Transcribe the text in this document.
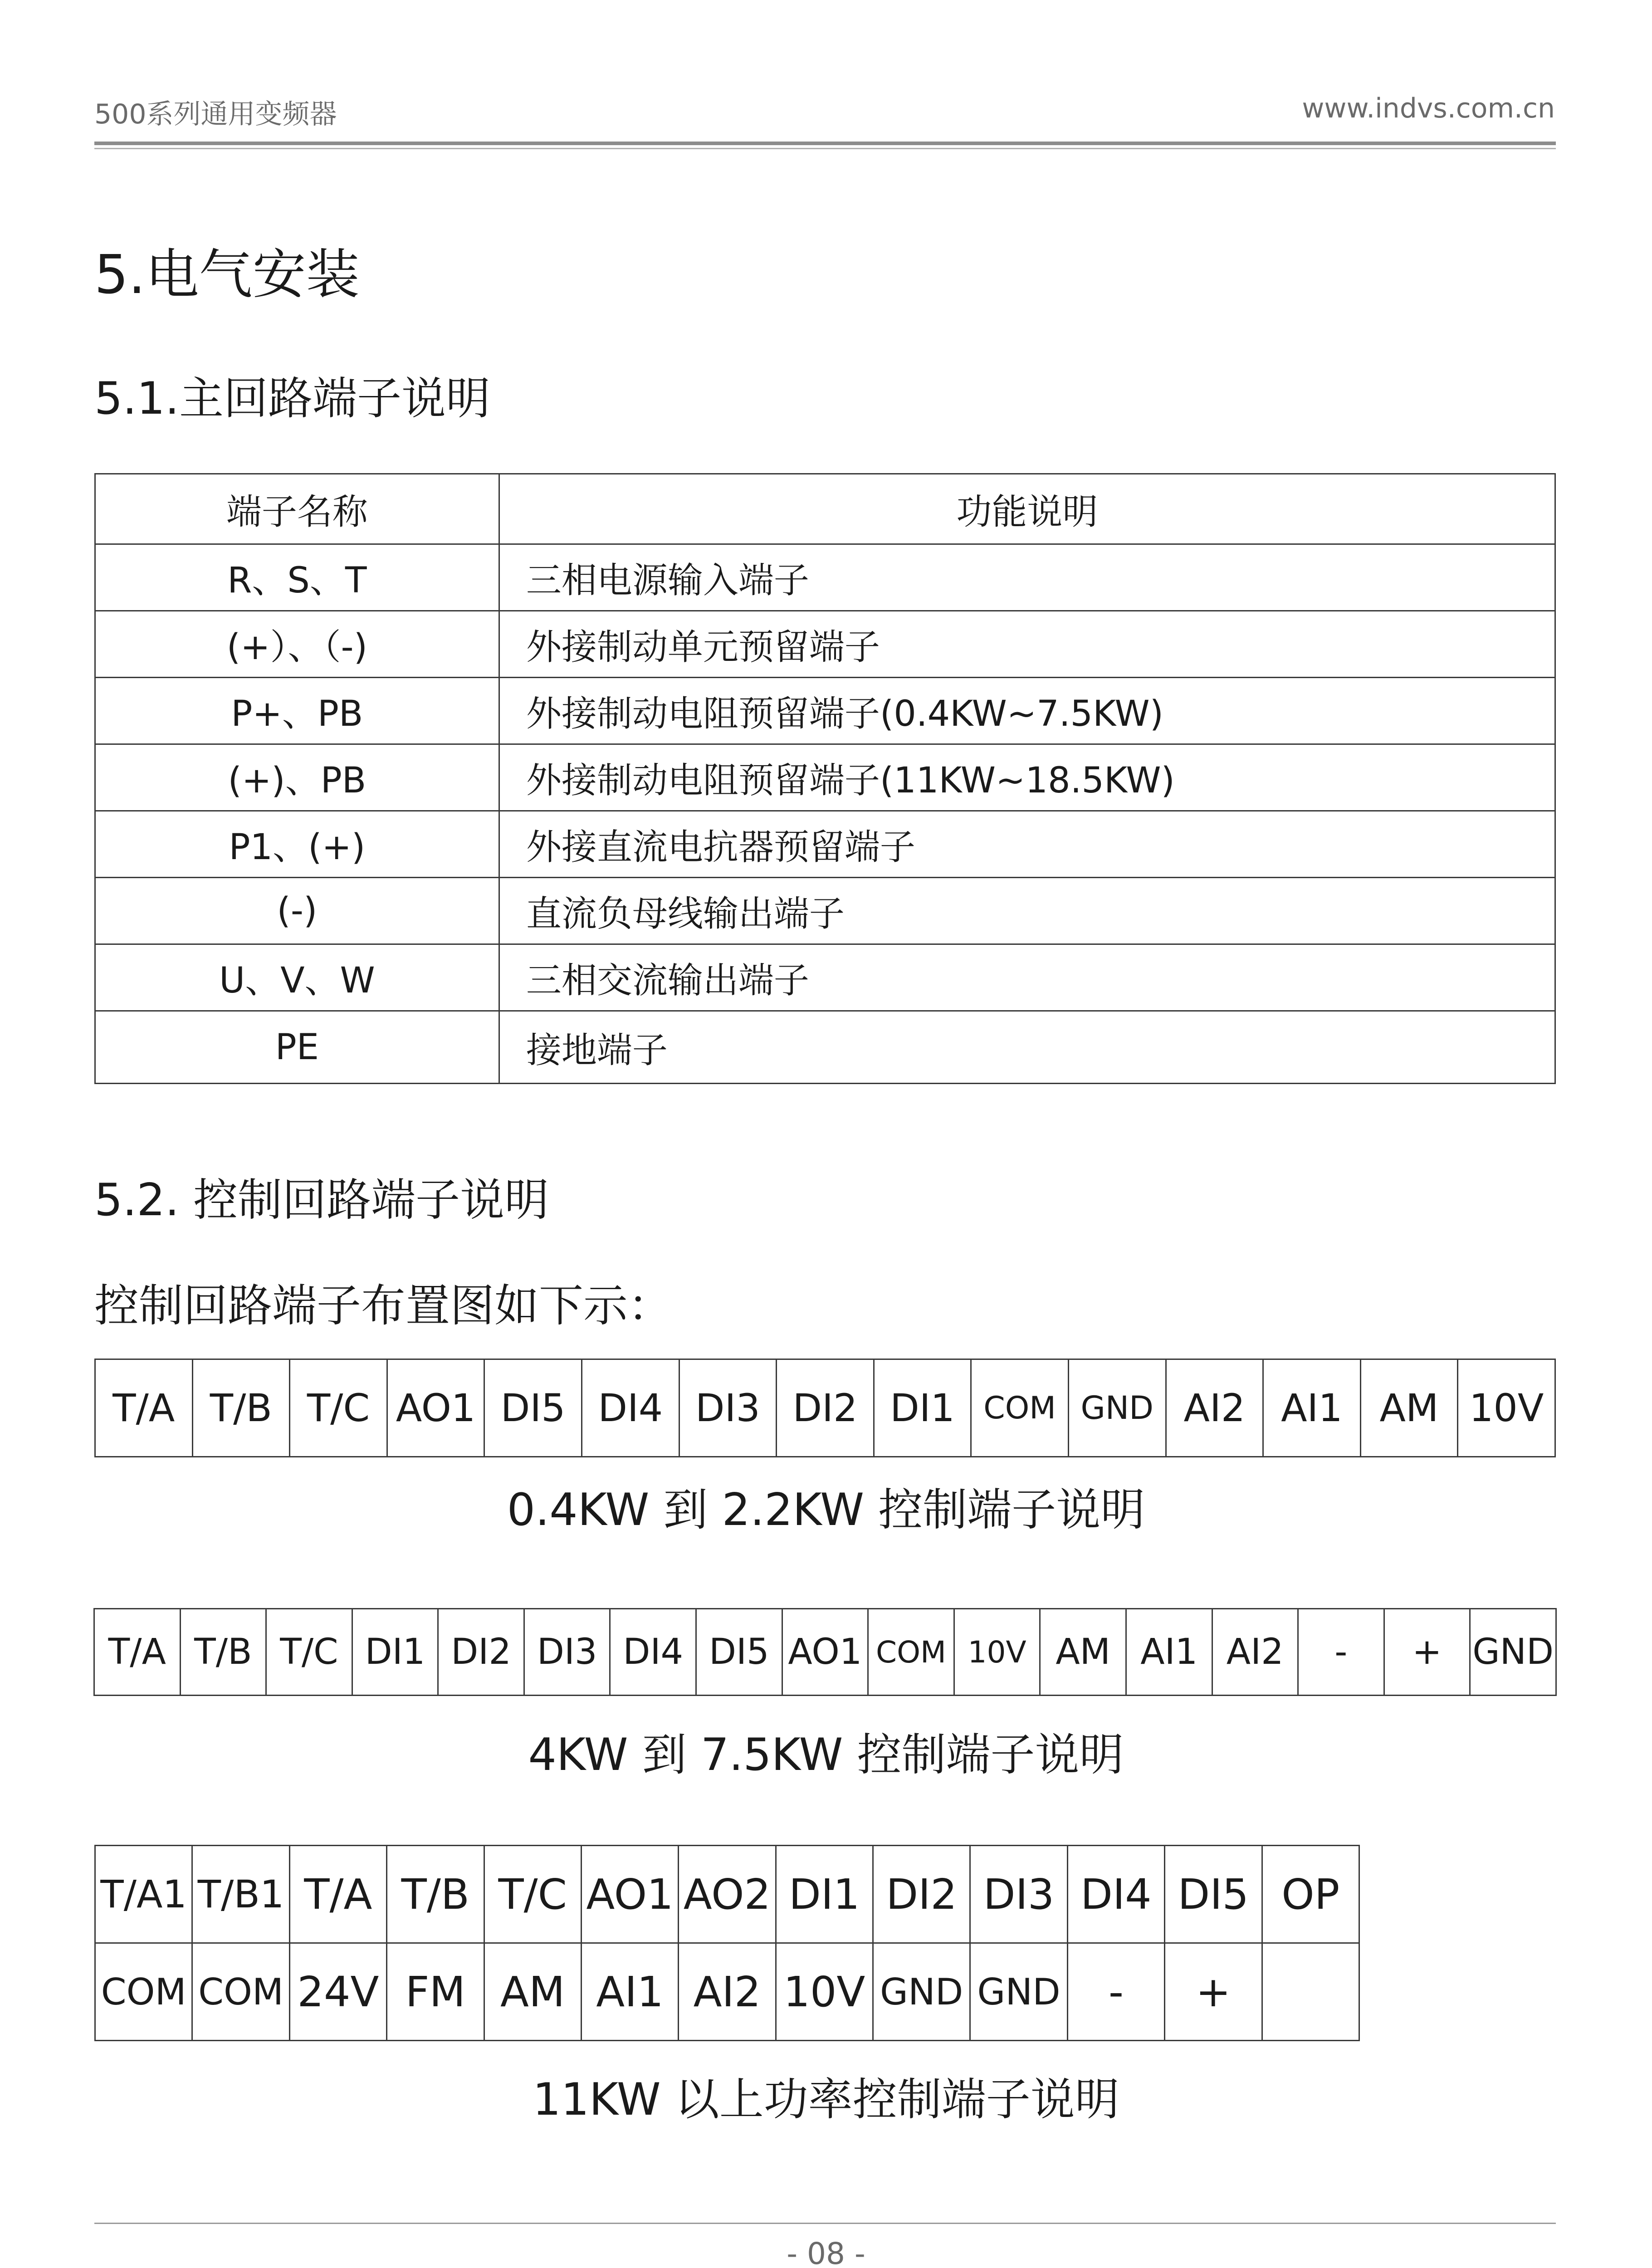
500系列通用变频器	www.indvs.com.cn
5.电气安装
5.1.主回路端子说明
端子名称	功能说明
R、S、T	三相电源输入端子
(+）、（-)	外接制动单元预留端子
P+、PB	外接制动电阻预留端子(0.4KW~7.5KW)
(+)、PB	外接制动电阻预留端子(11KW~18.5KW)
P1、(+)	外接直流电抗器预留端子
(-)	直流负母线输出端子
U、V、W	三相交流输出端子
PE	接地端子
5.2. 控制回路端子说明
控制回路端子布置图如下示：
T/A	T/B	T/C	AO1	DI5	DI4	DI3	DI2	DI1	COM	GND	AI2	AI1	AM	10V
0.4KW 到 2.2KW 控制端子说明
T/A	T/B	T/C	DI1	DI2	DI3	DI4	DI5	AO1	COM	10V	AM	AI1	AI2	-	+	GND
4KW 到 7.5KW 控制端子说明
T/A1	T/B1	T/A	T/B	T/C	AO1	AO2	DI1	DI2	DI3	DI4	DI5	OP
COM	COM	24V	FM	AM	AI1	AI2	10V	GND	GND	-	+	
11KW 以上功率控制端子说明
- 08 -
